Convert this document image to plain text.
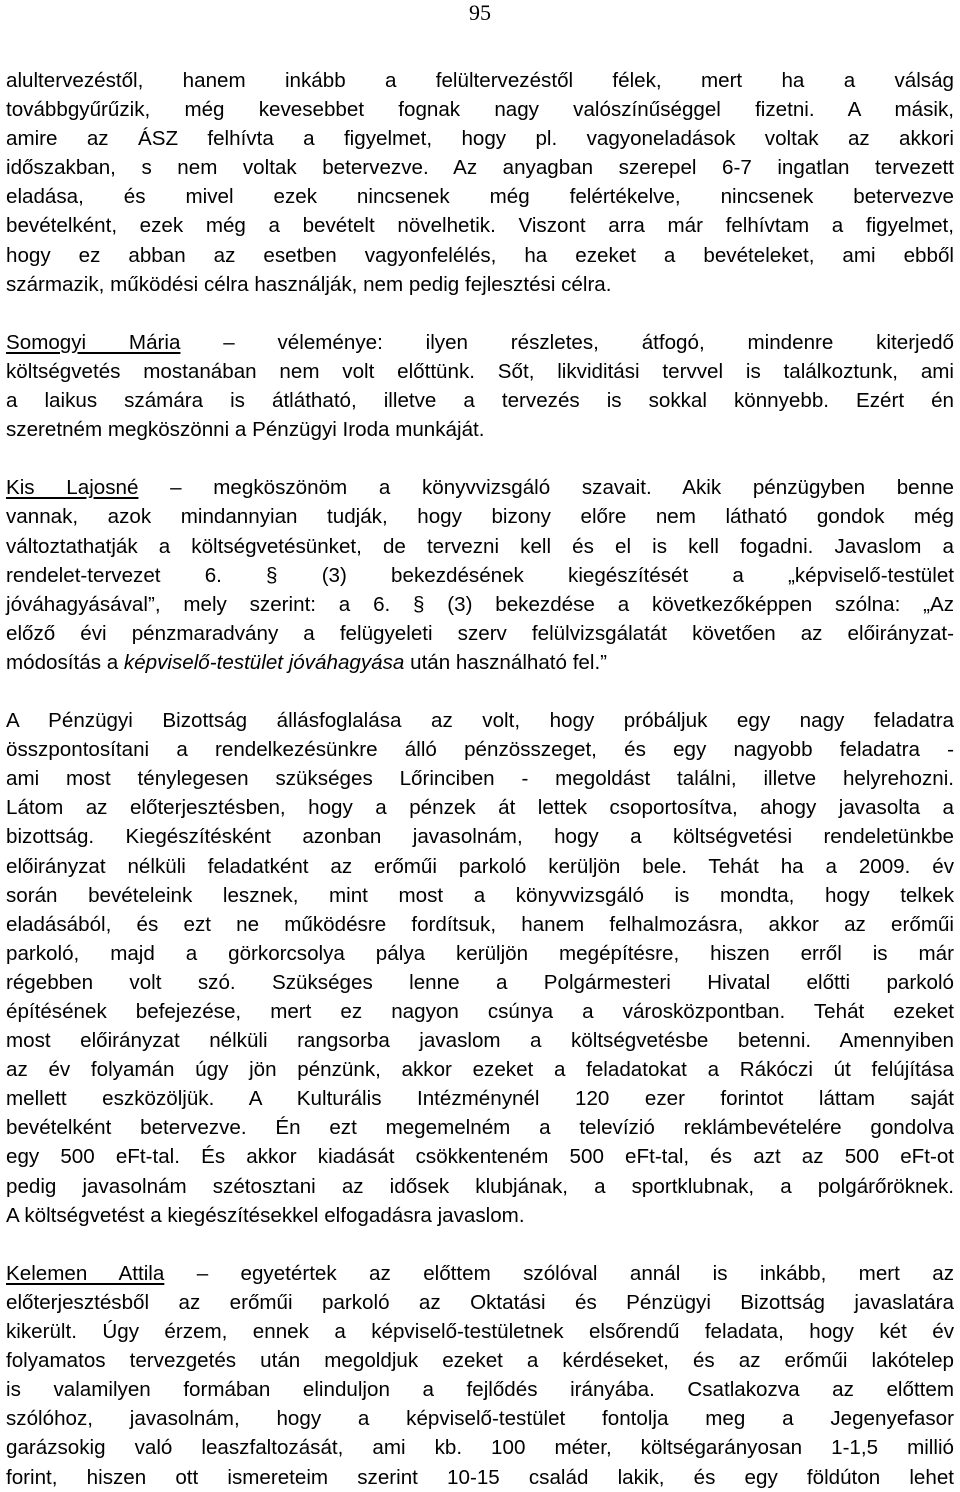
95
alultervezéstől, hanem inkább a felültervezéstől félek, mert ha a válság
továbbgyűrűzik, még kevesebbet fognak nagy valószínűséggel fizetni. A másik,
amire az ÁSZ felhívta a figyelmet, hogy pl. vagyoneladások voltak az akkori
időszakban, s nem voltak betervezve. Az anyagban szerepel 6-7 ingatlan tervezett
eladása, és mivel ezek nincsenek még felértékelve, nincsenek betervezve
bevételként, ezek még a bevételt növelhetik. Viszont arra már felhívtam a figyelmet,
hogy ez abban az esetben vagyonfelélés, ha ezeket a bevételeket, ami ebből
származik, működési célra használják, nem pedig fejlesztési célra.
Somogyi Mária – véleménye: ilyen részletes, átfogó, mindenre kiterjedő
költségvetés mostanában nem volt előttünk. Sőt, likviditási tervvel is találkoztunk, ami
a laikus számára is átlátható, illetve a tervezés is sokkal könnyebb. Ezért én
szeretném megköszönni a Pénzügyi Iroda munkáját.
Kis Lajosné – megköszönöm a könyvvizsgáló szavait. Akik pénzügyben benne
vannak, azok mindannyian tudják, hogy bizony előre nem látható gondok még
változtathatják a költségvetésünket, de tervezni kell és el is kell fogadni. Javaslom a
rendelet-tervezet 6. § (3) bekezdésének kiegészítését a „képviselő-testület
jóváhagyásával”, mely szerint: a 6. § (3) bekezdése a következőképpen szólna: „Az
előző évi pénzmaradvány a felügyeleti szerv felülvizsgálatát követően az előirányzat-
módosítás a képviselő-testület jóváhagyása után használható fel.”
A Pénzügyi Bizottság állásfoglalása az volt, hogy próbáljuk egy nagy feladatra
összpontosítani a rendelkezésünkre álló pénzösszeget, és egy nagyobb feladatra -
ami most ténylegesen szükséges Lőrinciben - megoldást találni, illetve helyrehozni.
Látom az előterjesztésben, hogy a pénzek át lettek csoportosítva, ahogy javasolta a
bizottság. Kiegészítésként azonban javasolnám, hogy a költségvetési rendeletünkbe
előirányzat nélküli feladatként az erőműi parkoló kerüljön bele. Tehát ha a 2009. év
során bevételeink lesznek, mint most a könyvvizsgáló is mondta, hogy telkek
eladásából, és ezt ne működésre fordítsuk, hanem felhalmozásra, akkor az erőműi
parkoló, majd a görkorcsolya pálya kerüljön megépítésre, hiszen erről is már
régebben volt szó. Szükséges lenne a Polgármesteri Hivatal előtti parkoló
építésének befejezése, mert ez nagyon csúnya a városközpontban. Tehát ezeket
most előirányzat nélküli rangsorba javaslom a költségvetésbe betenni. Amennyiben
az év folyamán úgy jön pénzünk, akkor ezeket a feladatokat a Rákóczi út felújítása
mellett eszközöljük. A Kulturális Intézménynél 120 ezer forintot láttam saját
bevételként betervezve. Én ezt megemelném a televízió reklámbevételére gondolva
egy 500 eFt-tal. És akkor kiadását csökkenteném 500 eFt-tal, és azt az 500 eFt-ot
pedig javasolnám szétosztani az idősek klubjának, a sportklubnak, a polgárőröknek.
A költségvetést a kiegészítésekkel elfogadásra javaslom.
Kelemen Attila – egyetértek az előttem szólóval annál is inkább, mert az
előterjesztésből az erőműi parkoló az Oktatási és Pénzügyi Bizottság javaslatára
kikerült. Úgy érzem, ennek a képviselő-testületnek elsőrendű feladata, hogy két év
folyamatos tervezgetés után megoldjuk ezeket a kérdéseket, és az erőműi lakótelep
is valamilyen formában elinduljon a fejlődés irányába. Csatlakozva az előttem
szólóhoz, javasolnám, hogy a képviselő-testület fontolja meg a Jegenyefasor
garázsokig való leaszfaltozását, ami kb. 100 méter, költségarányosan 1-1,5 millió
forint, hiszen ott ismereteim szerint 10-15 család lakik, és egy földúton lehet
